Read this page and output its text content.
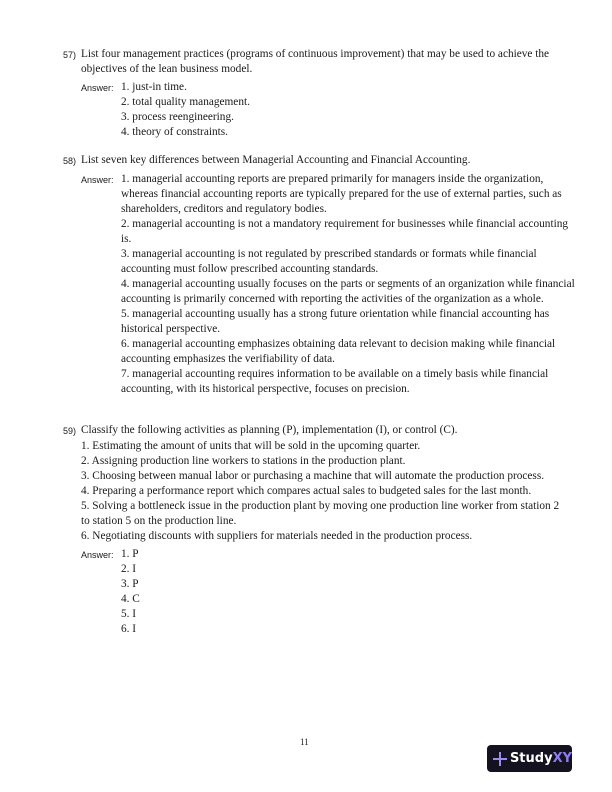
57) List four management practices (programs of continuous improvement) that may be used to achieve the objectives of the lean business model.
Answer: 1. just-in time.
2. total quality management.
3. process reengineering.
4. theory of constraints.
58) List seven key differences between Managerial Accounting and Financial Accounting.
Answer: 1. managerial accounting reports are prepared primarily for managers inside the organization, whereas financial accounting reports are typically prepared for the use of external parties, such as shareholders, creditors and regulatory bodies.
2. managerial accounting is not a mandatory requirement for businesses while financial accounting is.
3. managerial accounting is not regulated by prescribed standards or formats while financial accounting must follow prescribed accounting standards.
4. managerial accounting usually focuses on the parts or segments of an organization while financial accounting is primarily concerned with reporting the activities of the organization as a whole.
5. managerial accounting usually has a strong future orientation while financial accounting has historical perspective.
6. managerial accounting emphasizes obtaining data relevant to decision making while financial accounting emphasizes the verifiability of data.
7. managerial accounting requires information to be available on a timely basis while financial accounting, with its historical perspective, focuses on precision.
59) Classify the following activities as planning (P), implementation (I), or control (C).
1. Estimating the amount of units that will be sold in the upcoming quarter.
2. Assigning production line workers to stations in the production plant.
3. Choosing between manual labor or purchasing a machine that will automate the production process.
4. Preparing a performance report which compares actual sales to budgeted sales for the last month.
5. Solving a bottleneck issue in the production plant by moving one production line worker from station 2 to station 5 on the production line.
6. Negotiating discounts with suppliers for materials needed in the production process.
Answer: 1. P
2. I
3. P
4. C
5. I
6. I
11
Study XY
